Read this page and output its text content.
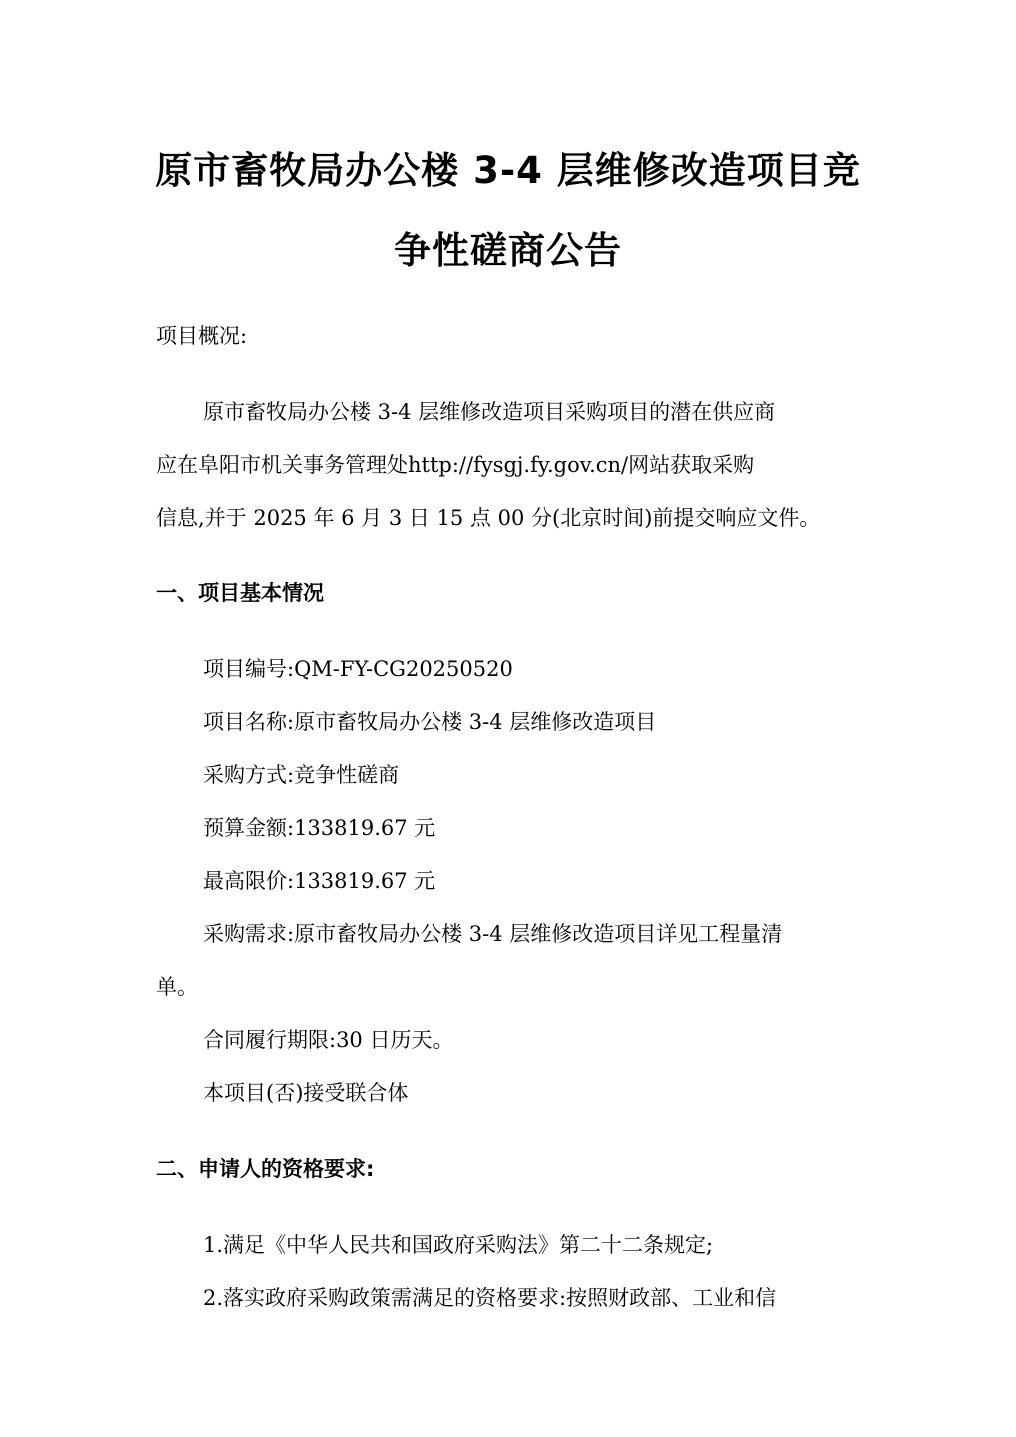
原市畜牧局办公楼 3-4 层维修改造项目竞
争性磋商公告
项目概况:
原市畜牧局办公楼 3-4 层维修改造项目采购项目的潜在供应商
应在阜阳市机关事务管理处http://fysgj.fy.gov.cn/网站获取采购
信息,并于 2025 年 6 月 3 日 15 点 00 分(北京时间)前提交响应文件。
一、项目基本情况
项目编号:QM-FY-CG20250520
项目名称:原市畜牧局办公楼 3-4 层维修改造项目
采购方式:竞争性磋商
预算金额:133819.67 元
最高限价:133819.67 元
采购需求:原市畜牧局办公楼 3-4 层维修改造项目详见工程量清
单。
合同履行期限:30 日历天。
本项目(否)接受联合体
二、申请人的资格要求:
1.满足《中华人民共和国政府采购法》第二十二条规定;
2.落实政府采购政策需满足的资格要求:按照财政部、工业和信
